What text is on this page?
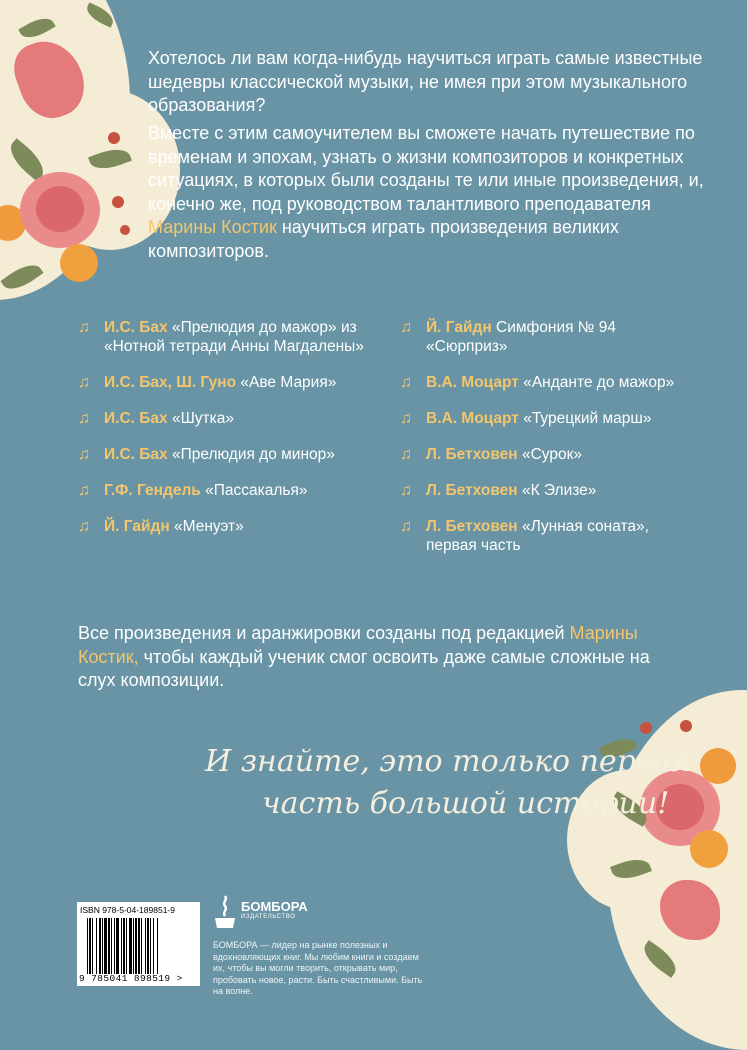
Хотелось ли вам когда-нибудь научиться играть самые известные шедевры классической музыки, не имея при этом музыкального образования?

Вместе с этим самоучителем вы сможете начать путешествие по временам и эпохам, узнать о жизни композиторов и конкретных ситуациях, в которых были созданы те или иные произведения, и, конечно же, под руководством талантливого преподавателя Марины Костик научиться играть произведения великих композиторов.

♫ И.С. Бах «Прелюдия до мажор» из «Нотной тетради Анны Магдалены»
♫ И.С. Бах, Ш. Гуно «Аве Мария»
♫ И.С. Бах «Шутка»
♫ И.С. Бах «Прелюдия до минор»
♫ Г.Ф. Гендель «Пассакалья»
♫ Й. Гайдн «Менуэт»
♫ Й. Гайдн Симфония № 94 «Сюрприз»
♫ В.А. Моцарт «Анданте до мажор»
♫ В.А. Моцарт «Турецкий марш»
♫ Л. Бетховен «Сурок»
♫ Л. Бетховен «К Элизе»
♫ Л. Бетховен «Лунная соната», первая часть

Все произведения и аранжировки созданы под редакцией Марины Костик, чтобы каждый ученик смог освоить даже самые сложные на слух композиции.

И знайте, это только первая
часть большой истории!
ISBN 978-5-04-189851-9
9 785041 898519 >
БОМБОРА
ИЗДАТЕЛЬСТВО

БОМБОРА — лидер на рынке полезных и вдохновляющих книг. Мы любим книги и создаем их, чтобы вы могли творить, открывать мир, пробовать новое, расти. Быть счастливыми. Быть на волне.
